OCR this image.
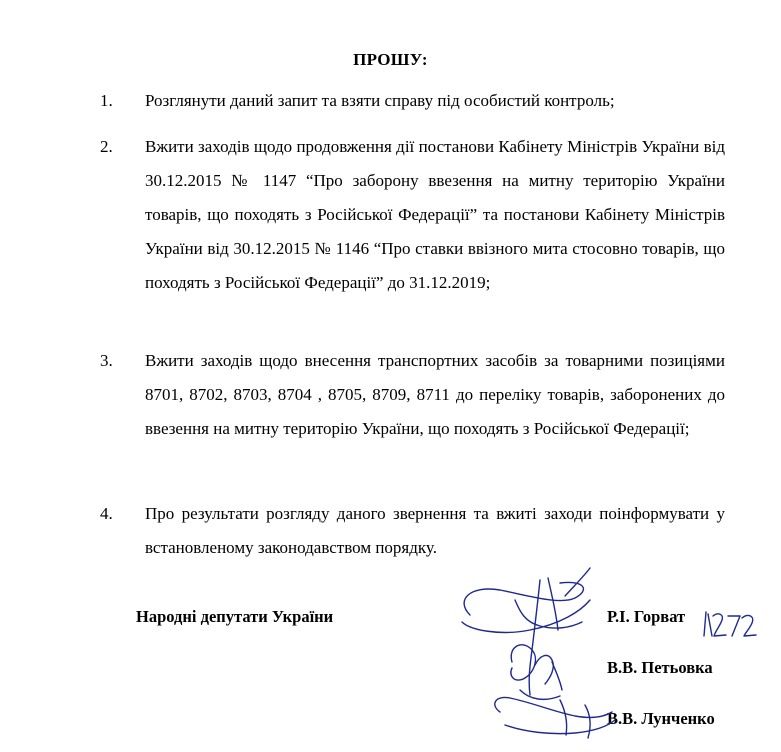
ПРОШУ:
1.	Розглянути даний запит та взяти справу під особистий контроль;
2.	Вжити заходів щодо продовження дії постанови Кабінету Міністрів України від 30.12.2015 № 1147 “Про заборону ввезення на митну територію України товарів, що походять з Російської Федерації” та постанови Кабінету Міністрів України від 30.12.2015 № 1146 “Про ставки ввізного мита стосовно товарів, що походять з Російської Федерації” до 31.12.2019;
3.	Вжити заходів щодо внесення транспортних засобів за товарними позиціями 8701, 8702, 8703, 8704 , 8705, 8709, 8711 до переліку товарів, заборонених до ввезення на митну територію України, що походять з Російської Федерації;
4.	Про результати розгляду даного звернення та вжиті заходи поінформувати у встановленому законодавством порядку.
Народні депутати України	Р.І. Горват
В.В. Петьовка
В.В. Лунченко
